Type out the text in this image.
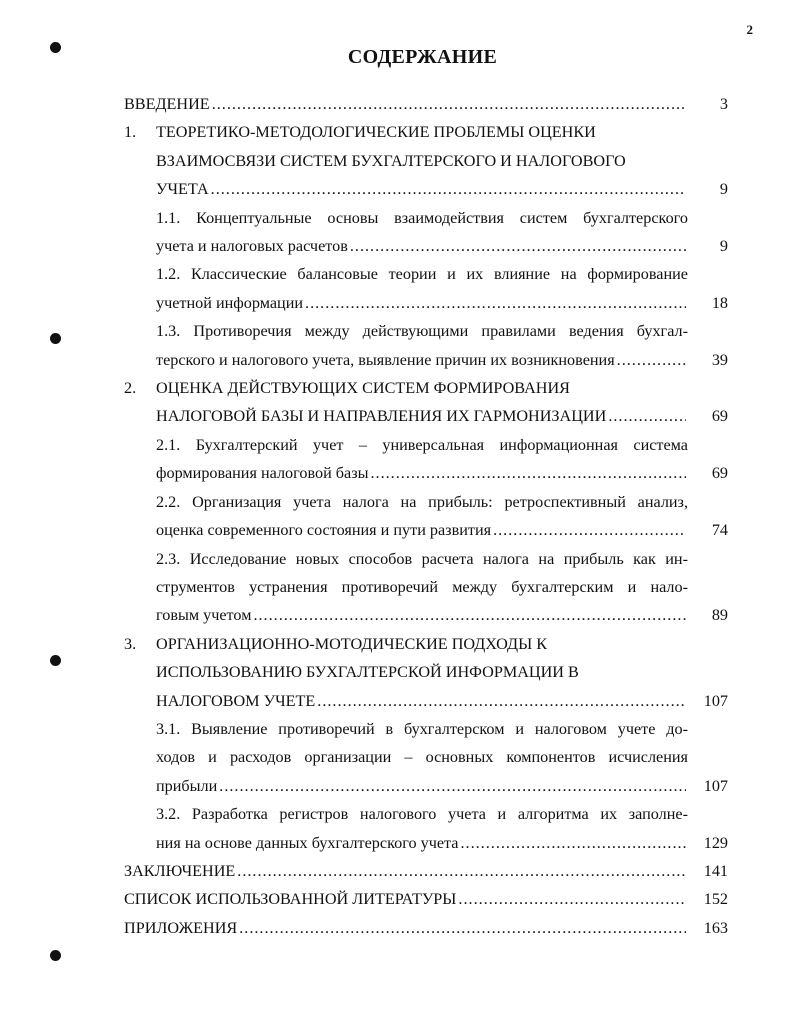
2
СОДЕРЖАНИЕ
ВВЕДЕНИЕ .....	3
1.	ТЕОРЕТИКО-МЕТОДОЛОГИЧЕСКИЕ ПРОБЛЕМЫ ОЦЕНКИ
ВЗАИМОСВЯЗИ СИСТЕМ БУХГАЛТЕРСКОГО И НАЛОГОВОГО
УЧЕТА .....	9
1.1. Концептуальные основы взаимодействия систем бухгалтерского
учета и налоговых расчетов .....	9
1.2. Классические балансовые теории и их влияние на формирование
учетной информации .....	18
1.3. Противоречия между действующими правилами ведения бухгал-
терского и налогового учета, выявление причин их возникновения .....	39
2.	ОЦЕНКА ДЕЙСТВУЮЩИХ СИСТЕМ ФОРМИРОВАНИЯ
НАЛОГОВОЙ БАЗЫ И НАПРАВЛЕНИЯ ИХ ГАРМОНИЗАЦИИ .....	69
2.1. Бухгалтерский учет – универсальная информационная система
формирования налоговой базы .....	69
2.2. Организация учета налога на прибыль: ретроспективный анализ,
оценка современного состояния и пути развития .....	74
2.3. Исследование новых способов расчета налога на прибыль как ин-
струментов устранения противоречий между бухгалтерским и нало-
говым учетом .....	89
3.	ОРГАНИЗАЦИОННО-МОТОДИЧЕСКИЕ ПОДХОДЫ К
ИСПОЛЬЗОВАНИЮ БУХГАЛТЕРСКОЙ ИНФОРМАЦИИ В
НАЛОГОВОМ УЧЕТЕ .....	107
3.1. Выявление противоречий в бухгалтерском и налоговом учете до-
ходов и расходов организации – основных компонентов исчисления
прибыли .....	107
3.2. Разработка регистров налогового учета и алгоритма их заполне-
ния на основе данных бухгалтерского учета .....	129
ЗАКЛЮЧЕНИЕ .....	141
СПИСОК ИСПОЛЬЗОВАННОЙ ЛИТЕРАТУРЫ .....	152
ПРИЛОЖЕНИЯ .....	163
